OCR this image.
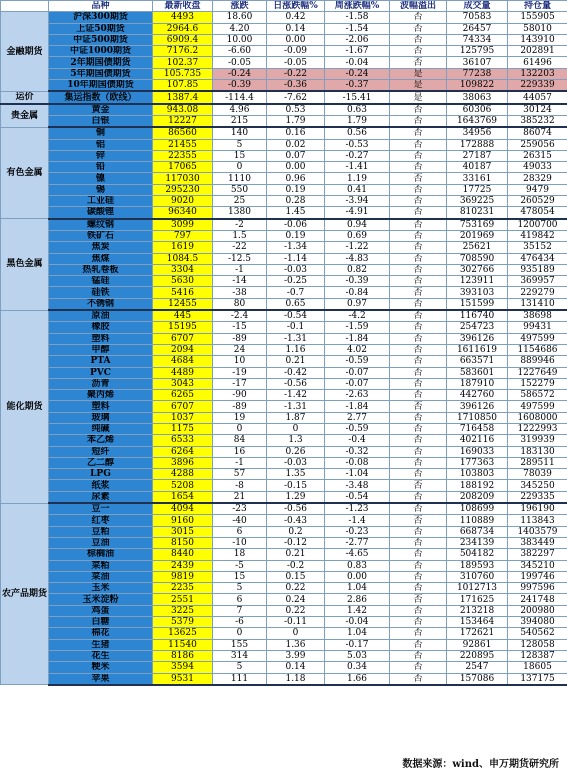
	品种	最新收盘	涨跌	日涨跌幅%	周涨跌幅%	波幅溢出	成交量	持仓量
金融期货	沪深300期货	4493	18.60	0.42	-1.58	否	70583	155905
	上证50期货	2964.6	4.20	0.14	-1.54	否	26457	58010
	中证500期货	6909.4	10.00	0.00	-2.06	否	74334	143910
	中证1000期货	7176.2	-6.60	-0.09	-1.67	否	125795	202891
	2年期国债期货	102.37	-0.05	-0.05	-0.04	否	36107	61496
	5年期国债期货	105.735	-0.24	-0.22	-0.24	是	77238	132203
	10年期国债期货	107.85	-0.39	-0.36	-0.37	是	109822	229339
运价	集运指数（欧线）	1387.4	-114.4	-7.62	-15.41	是	38063	44057
贵金属	黄金	943.08	4.96	0.53	0.63	否	60306	30124
	白银	12227	215	1.79	1.79	否	1643769	385232
有色金属	铜	86560	140	0.16	0.56	否	34956	86074
	铝	21455	5	0.02	-0.53	否	172888	259056
	锌	22355	15	0.07	-0.27	否	27187	26315
	铅	17065	0	0.00	-1.41	否	40187	49033
	镍	117030	1110	0.96	1.19	否	33161	28329
	锡	295230	550	0.19	0.41	否	17725	9479
	工业硅	9020	25	0.28	-3.94	否	369225	260529
	碳酸锂	96340	1380	1.45	-4.91	否	810231	478054
黑色金属	螺纹钢	3099	-2	-0.06	0.94	否	753169	1200700
	铁矿石	797	1.5	0.19	0.69	否	201969	419842
	焦炭	1619	-22	-1.34	-1.22	否	25621	35152
	焦煤	1084.5	-12.5	-1.14	-4.83	否	708590	476434
	热轧卷板	3304	-1	-0.03	0.82	否	302766	935189
	锰硅	5630	-14	-0.25	-0.39	否	123911	369957
	硅铁	5416	-38	-0.7	-0.84	否	393103	229279
	不锈钢	12455	80	0.65	0.97	否	151599	131410
能化期货	原油	445	-2.4	-0.54	-4.2	否	116740	38698
	橡胶	15195	-15	-0.1	-1.59	否	254723	99431
	塑料	6707	-89	-1.31	-1.84	否	396126	497599
	甲醇	2094	24	1.16	4.02	否	1611619	1154686
	PTA	4684	10	0.21	-0.59	否	663571	889946
	PVC	4489	-19	-0.42	-0.07	否	583601	1227649
	沥青	3043	-17	-0.56	-0.07	否	187910	152279
	聚丙烯	6265	-90	-1.42	-2.63	否	442760	586572
	塑料	6707	-89	-1.31	-1.84	否	396126	497599
	玻璃	1037	19	1.87	2.77	否	1710850	1608000
	纯碱	1175	0	0	-0.59	否	716458	1222993
	苯乙烯	6533	84	1.3	-0.4	否	402116	319939
	短纤	6264	16	0.26	-0.32	否	169033	183130
	乙二醇	3896	-1	-0.03	-0.08	否	177363	289511
	LPG	4288	57	1.35	-1.04	否	103803	78039
	纸浆	5208	-8	-0.15	-3.48	否	188192	345250
	尿素	1654	21	1.29	-0.54	否	208209	229335
农产品期货	豆一	4094	-23	-0.56	-1.23	否	108699	196190
	红枣	9160	-40	-0.43	-1.4	否	110889	113843
	豆粕	3015	6	0.2	-0.23	否	668734	1403579
	豆油	8150	-10	-0.12	-2.77	否	234139	383449
	棕榈油	8440	18	0.21	-4.65	否	504182	382297
	菜粕	2439	-5	-0.2	0.83	否	189593	345210
	菜油	9819	15	0.15	0.00	否	310760	199746
	玉米	2235	5	0.22	1.04	否	1012713	997596
	玉米淀粉	2551	6	0.24	2.86	否	171625	241748
	鸡蛋	3225	7	0.22	1.42	否	213218	200980
	白糖	5379	-6	-0.11	-0.04	否	153464	394080
	棉花	13625	0	0	1.04	否	172621	540562
	生猪	11540	155	1.36	-0.17	否	92861	128058
	花生	8186	314	3.99	5.03	否	220895	128387
	粳米	3594	5	0.14	0.34	否	2547	18605
	苹果	9531	111	1.18	1.66	否	157086	137175
数据来源：wind、申万期货研究所
